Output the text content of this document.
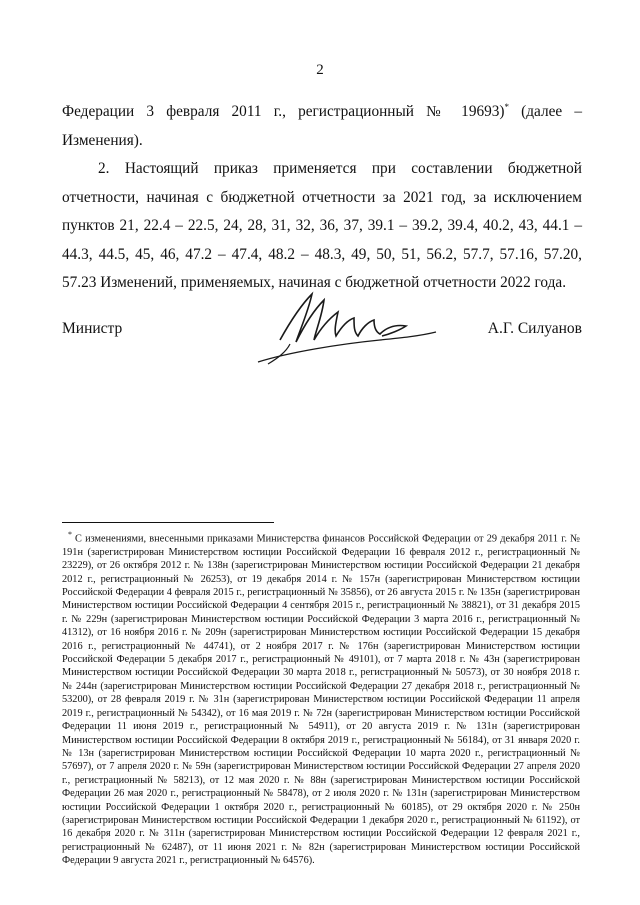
2

Федерации 3 февраля 2011 г., регистрационный № 19693)* (далее – Изменения).

2. Настоящий приказ применяется при составлении бюджетной отчетности, начиная с бюджетной отчетности за 2021 год, за исключением пунктов 21, 22.4 – 22.5, 24, 28, 31, 32, 36, 37, 39.1 – 39.2, 39.4, 40.2, 43, 44.1 – 44.3, 44.5, 45, 46, 47.2 – 47.4, 48.2 – 48.3, 49, 50, 51, 56.2, 57.7, 57.16, 57.20, 57.23 Изменений, применяемых, начиная с бюджетной отчетности 2022 года.

Министр	А.Г. Силуанов
* С изменениями, внесенными приказами Министерства финансов Российской Федерации от 29 декабря 2011 г. № 191н (зарегистрирован Министерством юстиции Российской Федерации 16 февраля 2012 г., регистрационный № 23229), от 26 октября 2012 г. № 138н (зарегистрирован Министерством юстиции Российской Федерации 21 декабря 2012 г., регистрационный № 26253), от 19 декабря 2014 г. № 157н (зарегистрирован Министерством юстиции Российской Федерации 4 февраля 2015 г., регистрационный № 35856), от 26 августа 2015 г. № 135н (зарегистрирован Министерством юстиции Российской Федерации 4 сентября 2015 г., регистрационный № 38821), от 31 декабря 2015 г. № 229н (зарегистрирован Министерством юстиции Российской Федерации 3 марта 2016 г., регистрационный № 41312), от 16 ноября 2016 г. № 209н (зарегистрирован Министерством юстиции Российской Федерации 15 декабря 2016 г., регистрационный № 44741), от 2 ноября 2017 г. № 176н (зарегистрирован Министерством юстиции Российской Федерации 5 декабря 2017 г., регистрационный № 49101), от 7 марта 2018 г. № 43н (зарегистрирован Министерством юстиции Российской Федерации 30 марта 2018 г., регистрационный № 50573), от 30 ноября 2018 г. № 244н (зарегистрирован Министерством юстиции Российской Федерации 27 декабря 2018 г., регистрационный № 53200), от 28 февраля 2019 г. № 31н (зарегистрирован Министерством юстиции Российской Федерации 11 апреля 2019 г., регистрационный № 54342), от 16 мая 2019 г. № 72н (зарегистрирован Министерством юстиции Российской Федерации 11 июня 2019 г., регистрационный № 54911), от 20 августа 2019 г. № 131н (зарегистрирован Министерством юстиции Российской Федерации 8 октября 2019 г., регистрационный № 56184), от 31 января 2020 г. № 13н (зарегистрирован Министерством юстиции Российской Федерации 10 марта 2020 г., регистрационный № 57697), от 7 апреля 2020 г. № 59н (зарегистрирован Министерством юстиции Российской Федерации 27 апреля 2020 г., регистрационный № 58213), от 12 мая 2020 г. № 88н (зарегистрирован Министерством юстиции Российской Федерации 26 мая 2020 г., регистрационный № 58478), от 2 июля 2020 г. № 131н (зарегистрирован Министерством юстиции Российской Федерации 1 октября 2020 г., регистрационный № 60185), от 29 октября 2020 г. № 250н (зарегистрирован Министерством юстиции Российской Федерации 1 декабря 2020 г., регистрационный № 61192), от 16 декабря 2020 г. № 311н (зарегистрирован Министерством юстиции Российской Федерации 12 февраля 2021 г., регистрационный № 62487), от 11 июня 2021 г. № 82н (зарегистрирован Министерством юстиции Российской Федерации 9 августа 2021 г., регистрационный № 64576).
